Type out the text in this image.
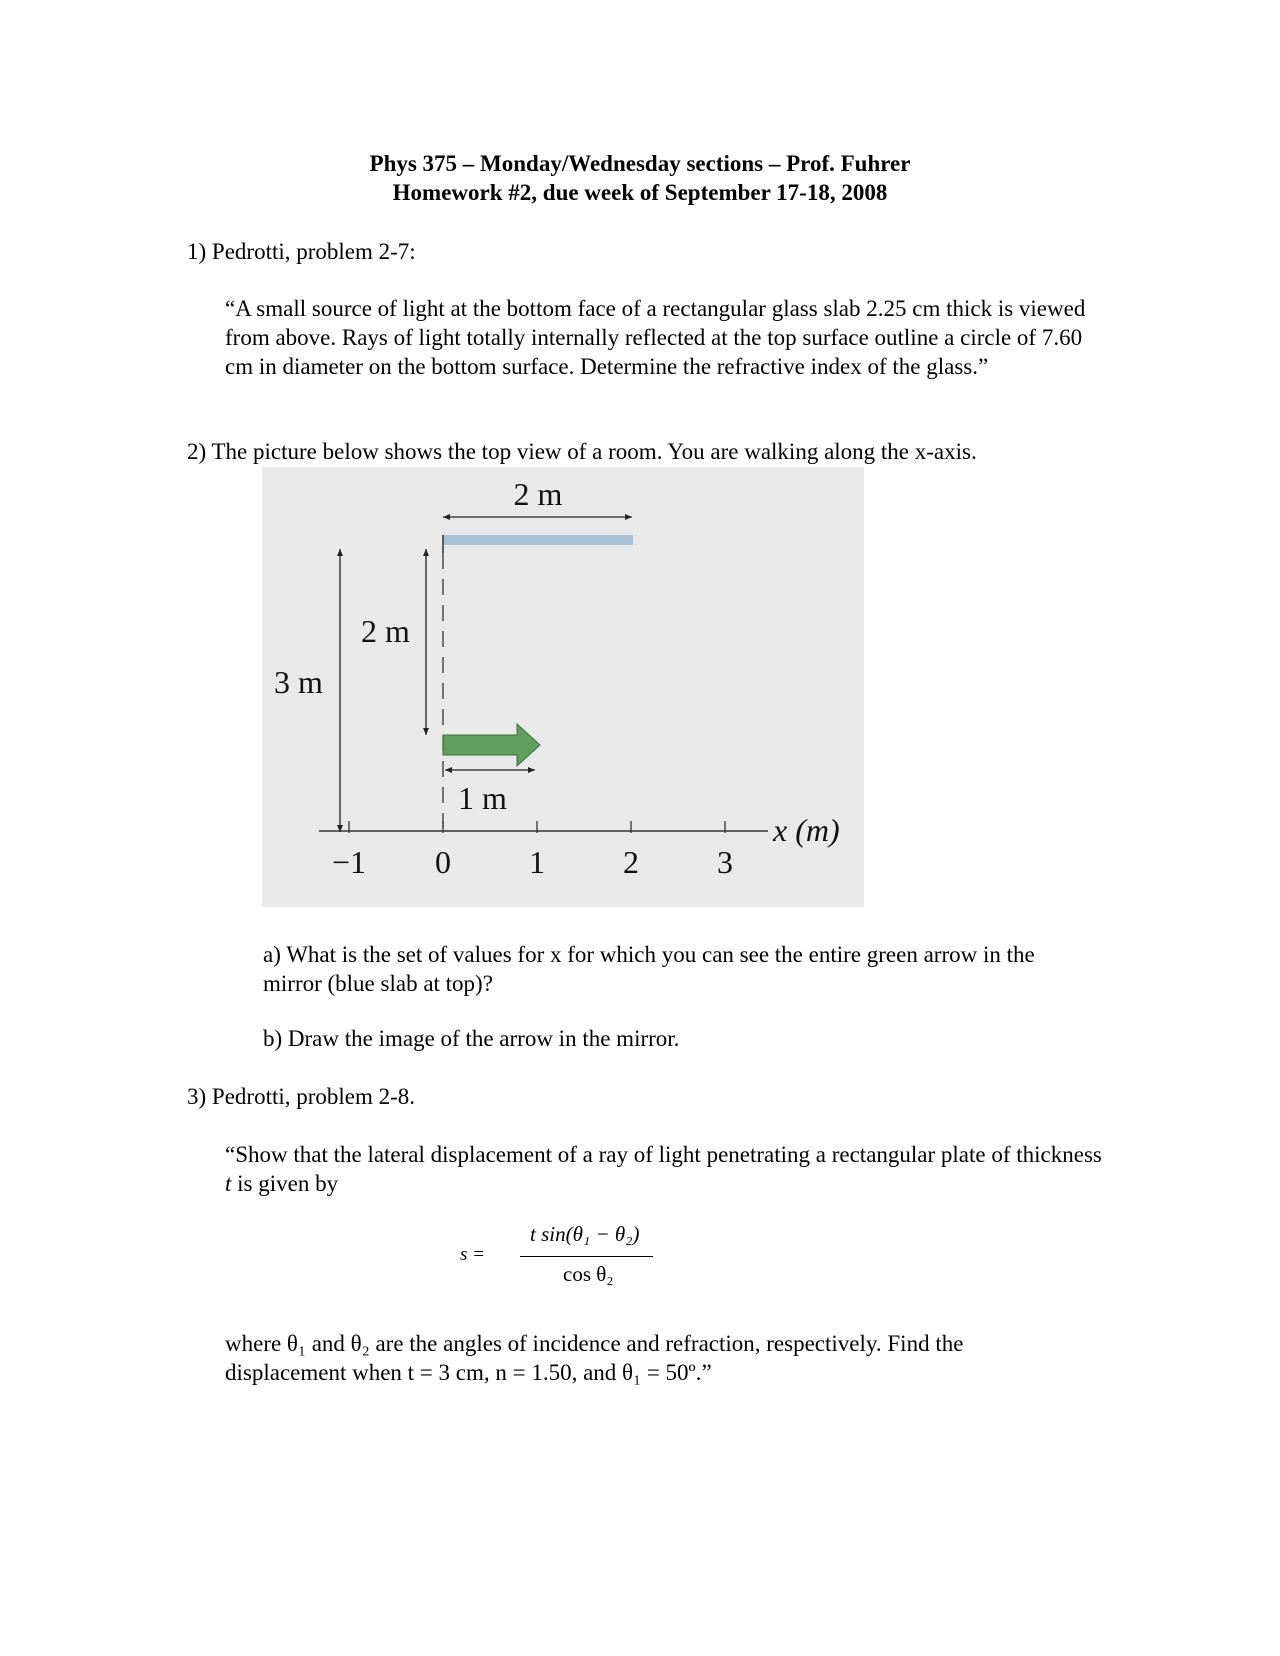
Phys 375 – Monday/Wednesday sections – Prof. Fuhrer
Homework #2, due week of September 17-18, 2008
1) Pedrotti, problem 2-7:
“A small source of light at the bottom face of a rectangular glass slab 2.25 cm thick is viewed from above. Rays of light totally internally reflected at the top surface outline a circle of 7.60 cm in diameter on the bottom surface. Determine the refractive index of the glass.”
2) The picture below shows the top view of a room. You are walking along the x-axis.
2 m
3 m
2 m
1 m
−1 0 1 2 3
x (m)
a) What is the set of values for x for which you can see the entire green arrow in the mirror (blue slab at top)?
b) Draw the image of the arrow in the mirror.
3) Pedrotti, problem 2-8.
“Show that the lateral displacement of a ray of light penetrating a rectangular plate of thickness t is given by
s =
t sin(θ₁ − θ₂)
cos θ₂
where θ₁ and θ₂ are the angles of incidence and refraction, respectively. Find the
displacement when t = 3 cm, n = 1.50, and θ₁ = 50º.”
